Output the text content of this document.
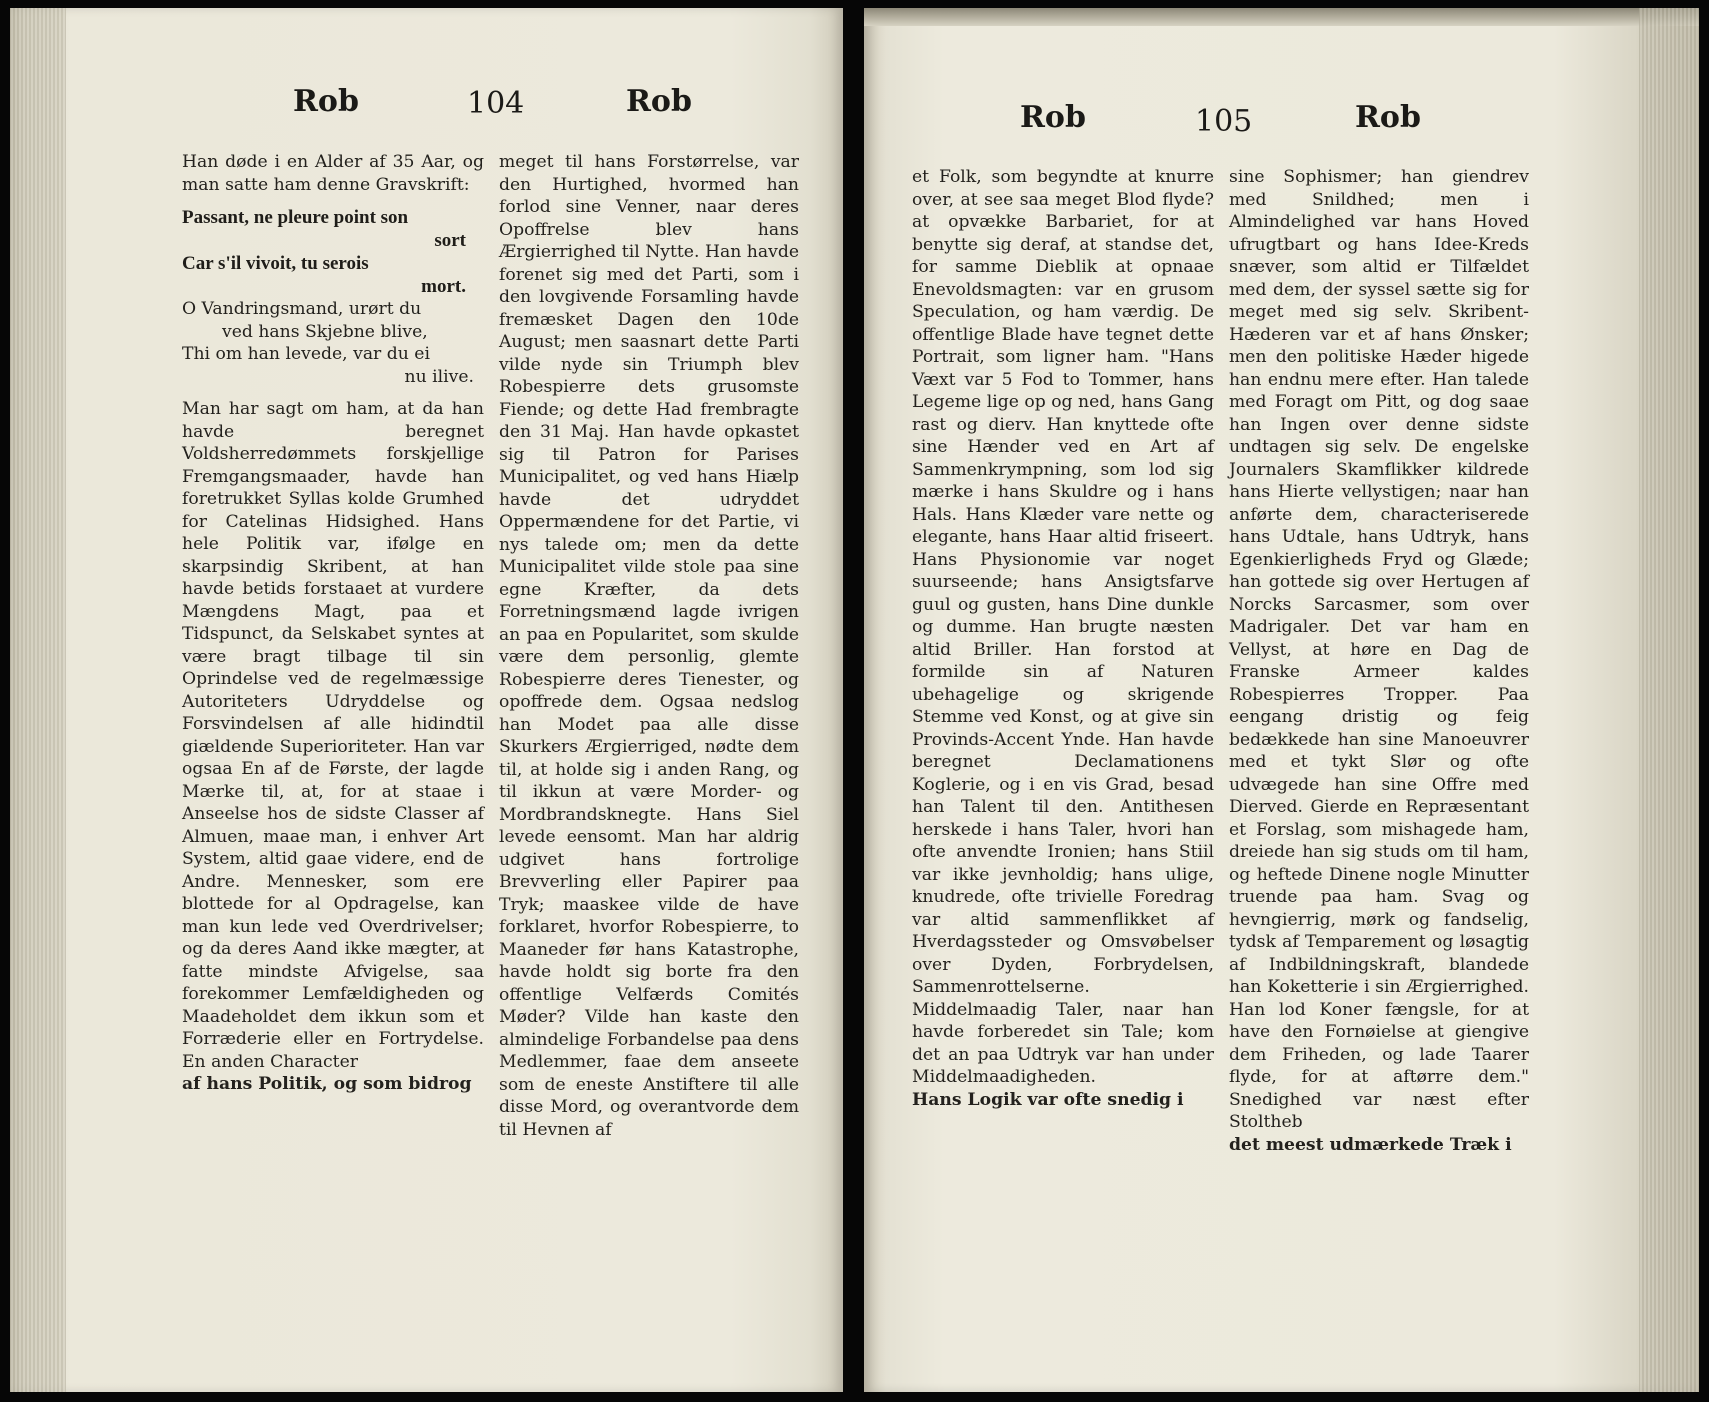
Rob	104	Rob

Han døde i en Alder af 35 Aar, og man satte ham denne Gravskrift:

Passant, ne pleure point son
sort
Car s'il vivoit, tu serois
mort.
O Vandringsmand, urørt du
ved hans Skjebne blive,
Thi om han levede, var du ei
nu ilive.

Man har sagt om ham, at da han havde beregnet Voldsherredømmets forskjellige Fremgangsmaader, havde han foretrukket Syllas kolde Grumhed for Catelinas Hidsighed. Hans hele Politik var, ifølge en skarpsindig Skribent, at han havde betids forstaaet at vurdere Mængdens Magt, paa et Tidspunct, da Selskabet syntes at være bragt tilbage til sin Oprindelse ved de regelmæssige Autoriteters Udryddelse og Forsvindelsen af alle hidindtil giældende Superioriteter. Han var ogsaa En af de Første, der lagde Mærke til, at, for at staae i Anseelse hos de sidste Classer af Almuen, maae man, i enhver Art System, altid gaae videre, end de Andre. Mennesker, som ere blottede for al Opdragelse, kan man kun lede ved Overdrivelser; og da deres Aand ikke mægter, at fatte mindste Afvigelse, saa forekommer Lemfældigheden og Maadeholdet dem ikkun som et Forræderie eller en Fortrydelse. En anden Character

af hans Politik, og som bidrog

meget til hans Forstørrelse, var den Hurtighed, hvormed han forlod sine Venner, naar deres Opoffrelse blev hans Ærgierrighed til Nytte. Han havde forenet sig med det Parti, som i den lovgivende Forsamling havde fremæsket Dagen den 10de August; men saasnart dette Parti vilde nyde sin Triumph blev Robespierre dets grusomste Fiende; og dette Had frembragte den 31 Maj. Han havde opkastet sig til Patron for Parises Municipalitet, og ved hans Hiælp havde det udryddet Oppermændene for det Partie, vi nys talede om; men da dette Municipalitet vilde stole paa sine egne Kræfter, da dets Forretningsmænd lagde ivrigen an paa en Popularitet, som skulde være dem personlig, glemte Robespierre deres Tienester, og opoffrede dem. Ogsaa nedslog han Modet paa alle disse Skurkers Ærgierriged, nødte dem til, at holde sig i anden Rang, og til ikkun at være Morder- og Mordbrandsknegte. Hans Siel levede eensomt. Man har aldrig udgivet hans fortrolige Brevverling eller Papirer paa Tryk; maaskee vilde de have forklaret, hvorfor Robespierre, to Maaneder før hans Katastrophe, havde holdt sig borte fra den offentlige Velfærds Comités Møder? Vilde han kaste den almindelige Forbandelse paa dens Medlemmer, faae dem anseete som de eneste Anstiftere til alle disse Mord, og overantvorde dem til Hevnen af

Rob	105	Rob

et Folk, som begyndte at knurre over, at see saa meget Blod flyde? at opvække Barbariet, for at benytte sig deraf, at standse det, for samme Dieblik at opnaae Enevoldsmagten: var en grusom Speculation, og ham værdig. De offentlige Blade have tegnet dette Portrait, som ligner ham. "Hans Væxt var 5 Fod to Tommer, hans Legeme lige op og ned, hans Gang rast og dierv. Han knyttede ofte sine Hænder ved en Art af Sammenkrympning, som lod sig mærke i hans Skuldre og i hans Hals. Hans Klæder vare nette og elegante, hans Haar altid friseert. Hans Physionomie var noget suurseende; hans Ansigtsfarve guul og gusten, hans Dine dunkle og dumme. Han brugte næsten altid Briller. Han forstod at formilde sin af Naturen ubehagelige og skrigende Stemme ved Konst, og at give sin Provinds-Accent Ynde. Han havde beregnet Declamationens Koglerie, og i en vis Grad, besad han Talent til den. Antithesen herskede i hans Taler, hvori han ofte anvendte Ironien; hans Stiil var ikke jevnholdig; hans ulige, knudrede, ofte trivielle Foredrag var altid sammenflikket af Hverdagssteder og Omsvøbelser over Dyden, Forbrydelsen, Sammenrottelserne. Middelmaadig Taler, naar han havde forberedet sin Tale; kom det an paa Udtryk var han under Middelmaadigheden.

Hans Logik var ofte snedig i

sine Sophismer; han giendrev med Snildhed; men i Almindelighed var hans Hoved ufrugtbart og hans Idee-Kreds snæver, som altid er Tilfældet med dem, der syssel sætte sig for meget med sig selv. Skribent-Hæderen var et af hans Ønsker; men den politiske Hæder higede han endnu mere efter. Han talede med Foragt om Pitt, og dog saae han Ingen over denne sidste undtagen sig selv. De engelske Journalers Skamflikker kildrede hans Hierte vellystigen; naar han anførte dem, characteriserede hans Udtale, hans Udtryk, hans Egenkierligheds Fryd og Glæde; han gottede sig over Hertugen af Norcks Sarcasmer, som over Madrigaler. Det var ham en Vellyst, at høre en Dag de Franske Armeer kaldes Robespierres Tropper. Paa eengang dristig og feig bedækkede han sine Manoeuvrer med et tykt Slør og ofte udvægede han sine Offre med Dierved. Gierde en Repræsentant et Forslag, som mishagede ham, dreiede han sig studs om til ham, og heftede Dinene nogle Minutter truende paa ham. Svag og hevngierrig, mørk og fandselig, tydsk af Temparement og løsagtig af Indbildningskraft, blandede han Koketterie i sin Ærgierrighed. Han lod Koner fængsle, for at have den Fornøielse at giengive dem Friheden, og lade Taarer flyde, for at aftørre dem." Snedighed var næst efter Stoltheb

det meest udmærkede Træk i
